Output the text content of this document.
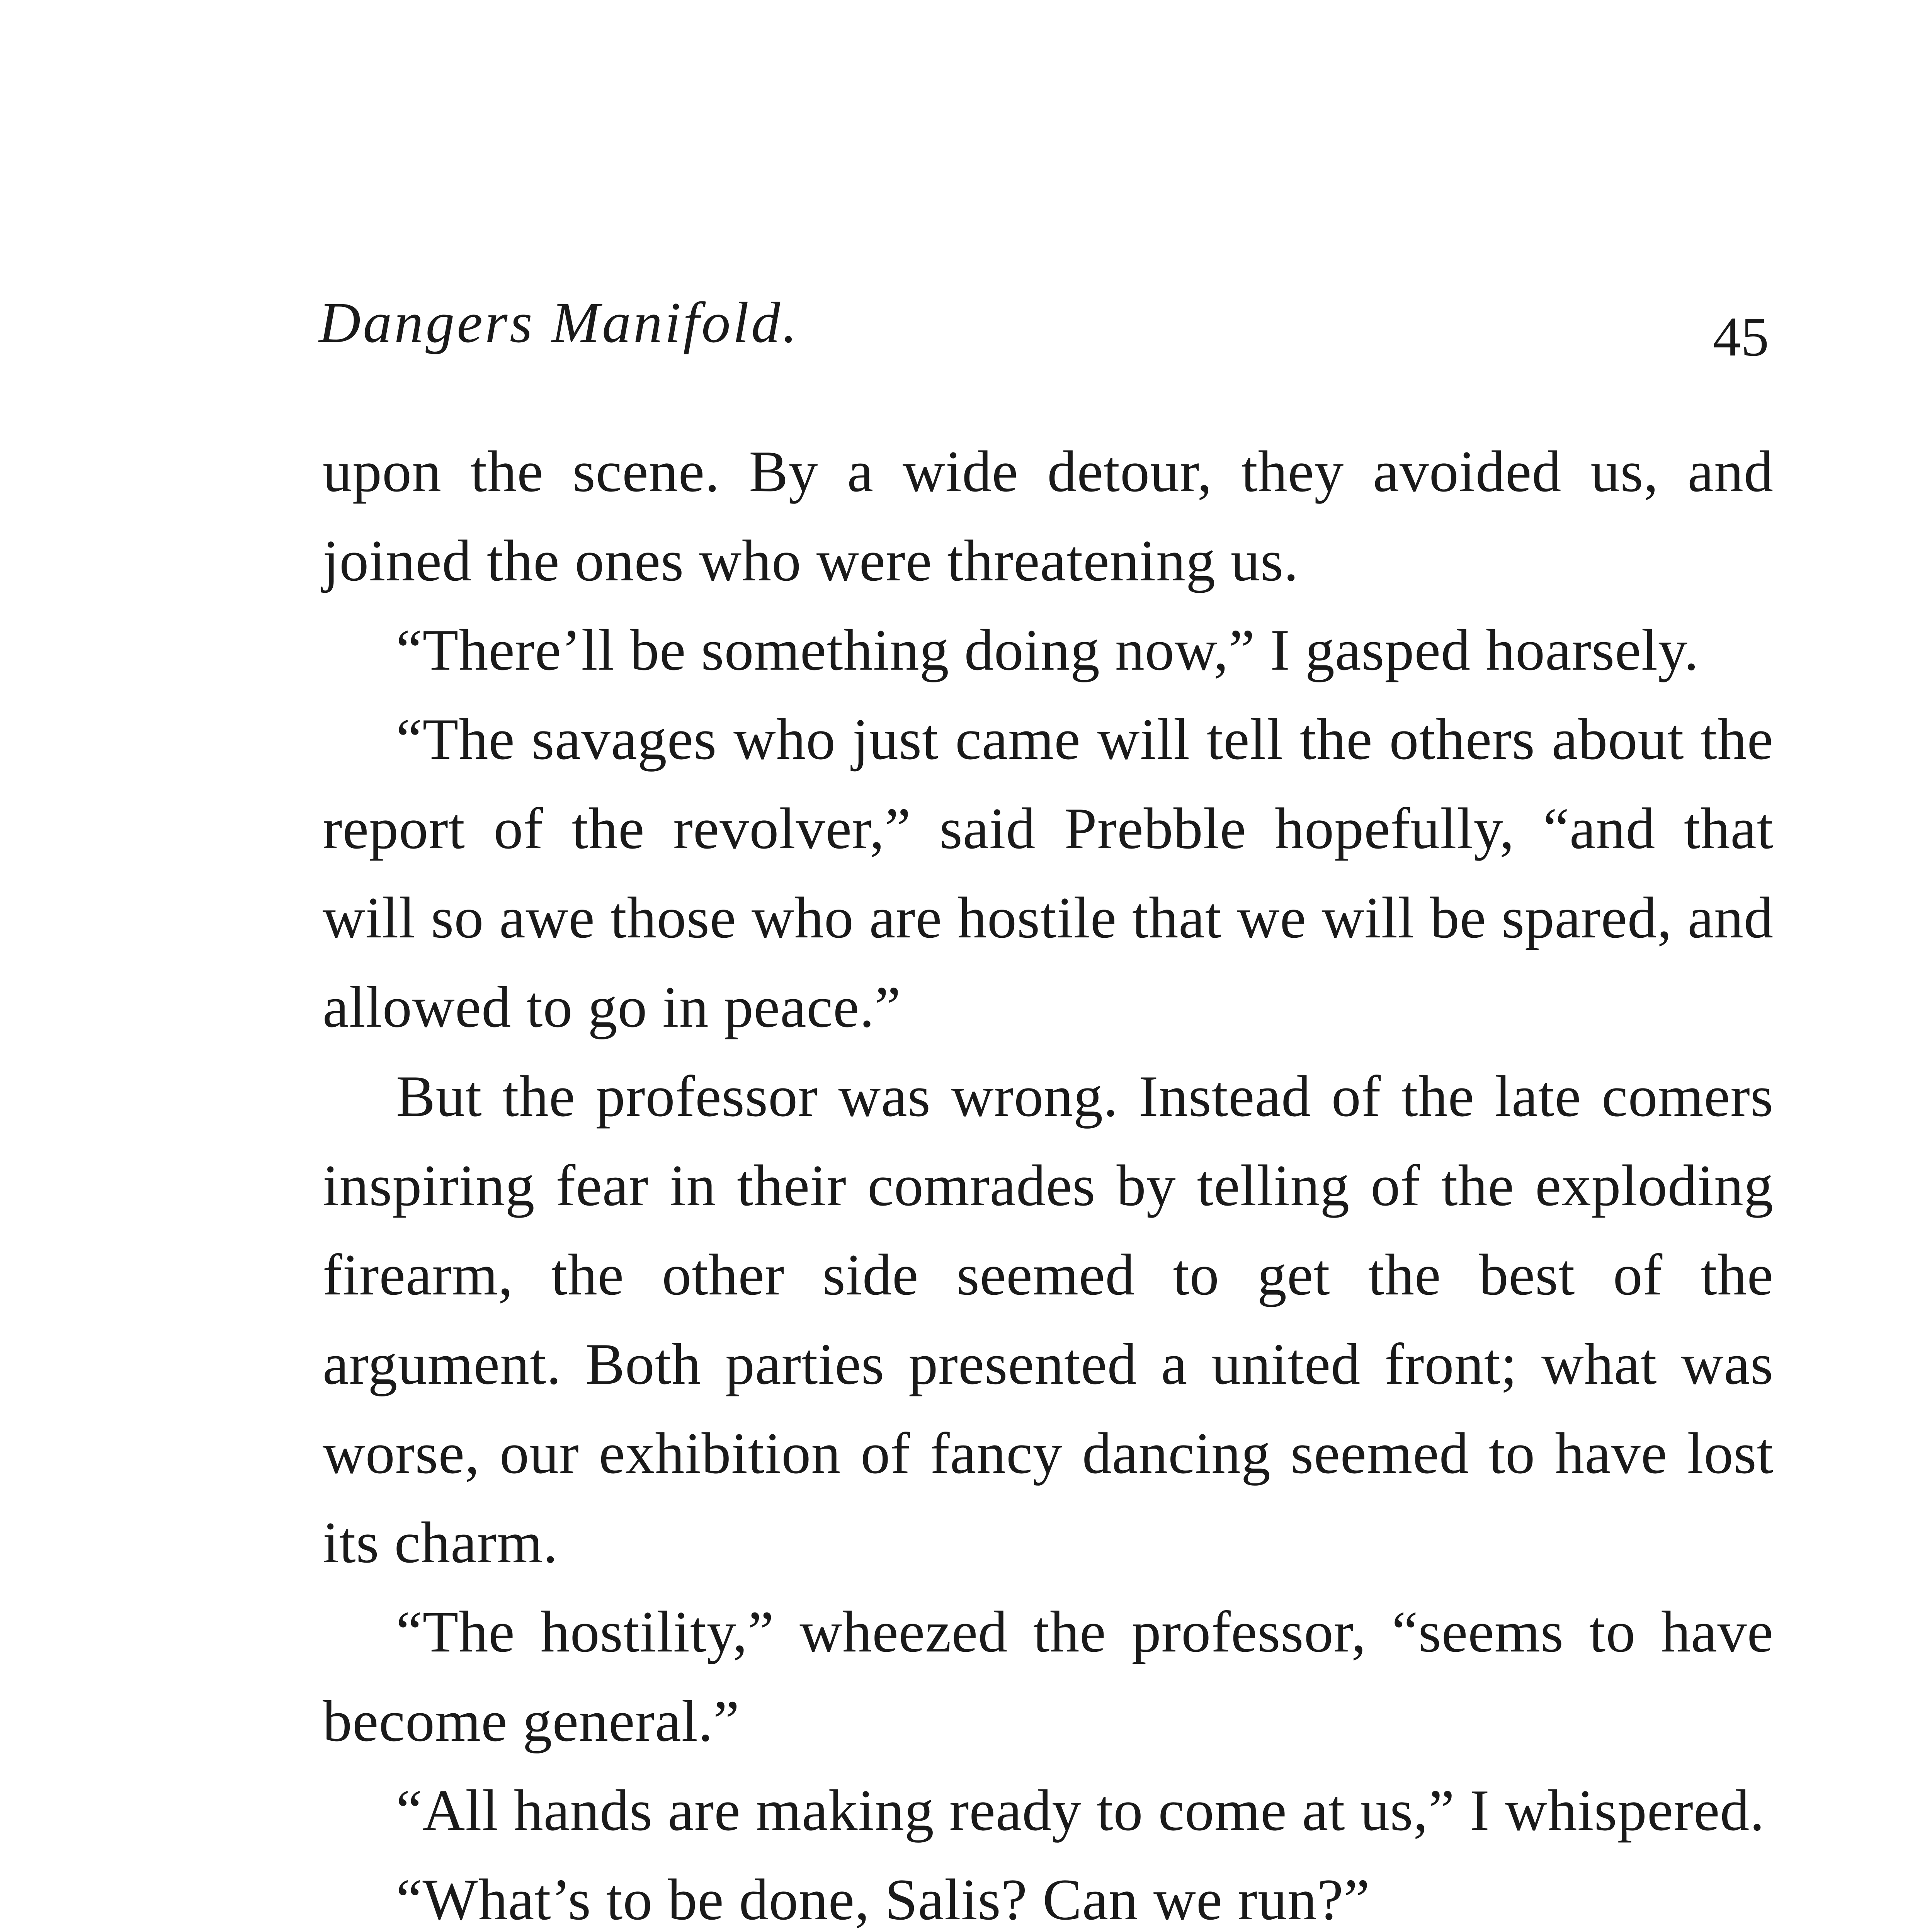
Dangers Manifold.	45

upon the scene. By a wide detour, they avoided us, and joined the ones who were threatening us.

“There’ll be something doing now,” I gasped hoarsely.

“The savages who just came will tell the others about the report of the revolver,” said Prebble hopefully, “and that will so awe those who are hostile that we will be spared, and allowed to go in peace.”

But the professor was wrong. Instead of the late comers inspiring fear in their comrades by telling of the exploding firearm, the other side seemed to get the best of the argument. Both parties presented a united front; what was worse, our exhibition of fancy dancing seemed to have lost its charm.

“The hostility,” wheezed the professor, “seems to have become general.”

“All hands are making ready to come at us,” I whispered.

“What’s to be done, Salis? Can we run?”
